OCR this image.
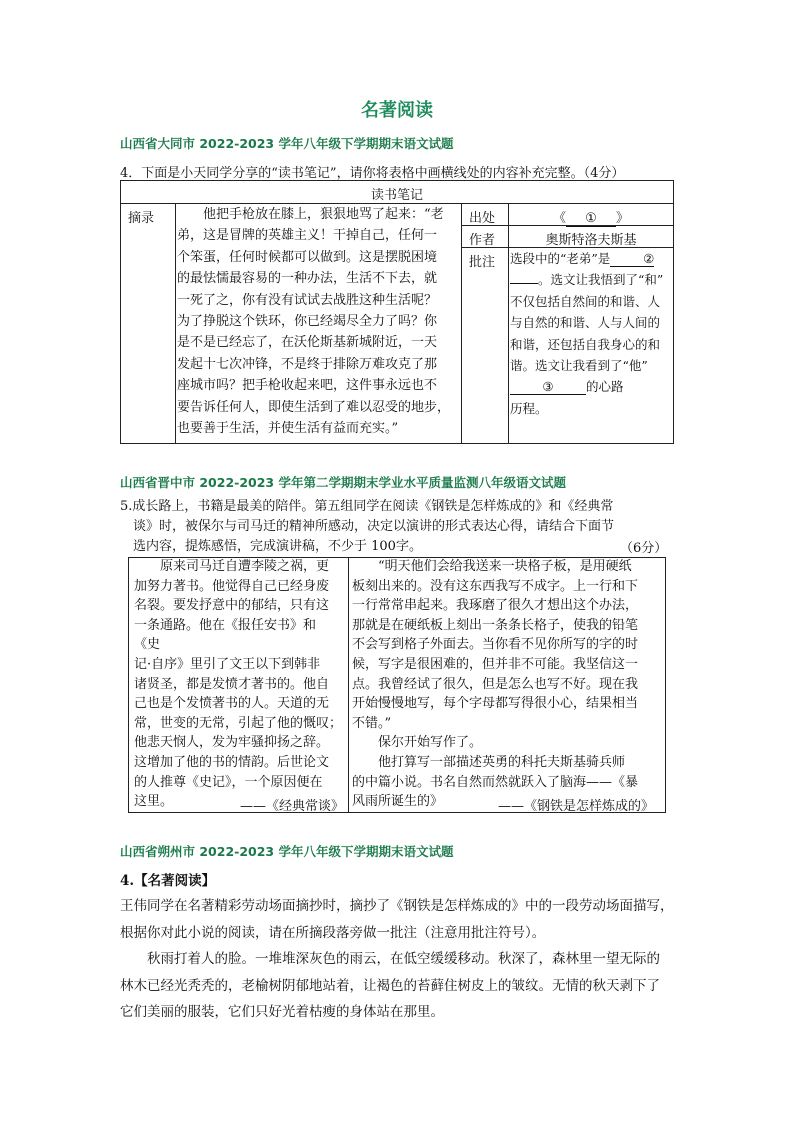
名著阅读
山西省大同市 2022-2023 学年八年级下学期期末语文试题
4．下面是小天同学分享的“读书笔记”，请你将表格中画横线处的内容补充完整。（4分）
读书笔记
摘录 　　他把手枪放在膝上，狠狠地骂了起来：“老
弟，这是冒牌的英雄主义！干掉自己，任何一
个笨蛋，任何时候都可以做到。这是摆脱困境
的最怯懦最容易的一种办法，生活不下去，就
一死了之，你有没有试试去战胜这种生活呢？
为了挣脱这个铁环，你已经竭尽全力了吗？你
是不是已经忘了，在沃伦斯基新城附近，一天
发起十七次冲锋，不是终于排除万难攻克了那
座城市吗？把手枪收起来吧，这件事永远也不
要告诉任何人，即使生活到了难以忍受的地步，
也要善于生活，并使生活有益而充实。”
出处	《 ① 》
作者	奥斯特洛夫斯基
批注 选段中的“老弟”是	②
。选文让我悟到了“和”
不仅包括自然间的和谐、人
与自然的和谐、人与人间的
和谐，还包括自我身心的和
谐。选文让我看到了“他”
③	的心路
历程。
山西省晋中市 2022-2023 学年第二学期期末学业水平质量监测八年级语文试题
5.成长路上，书籍是最美的陪伴。第五组同学在阅读《钢铁是怎样炼成的》和《经典常
　谈》时，被保尔与司马迁的精神所感动，决定以演讲的形式表达心得，请结合下面节
　选内容，提炼感悟，完成演讲稿，不少于 100字。	（6分）
　　原来司马迁自遭李陵之祸，更
加努力著书。他觉得自己已经身废
名裂。要发抒意中的郁结，只有这
一条通路。他在《报任安书》和
《史
记·自序》里引了文王以下到韩非
诸贤圣，都是发愤才著书的。他自
己也是个发愤著书的人。天道的无
常，世变的无常，引起了他的慨叹；
他悲天悯人，发为牢骚抑扬之辞。
这增加了他的书的情韵。后世论文
的人推尊《史记》，一个原因便在
这里。	——《经典常谈》
　　“明天他们会给我送来一块格子板，是用硬纸
板刻出来的。没有这东西我写不成字。上一行和下
一行常常串起来。我琢磨了很久才想出这个办法，
那就是在硬纸板上刻出一条条长格子，使我的铅笔
不会写到格子外面去。当你看不见你所写的字的时
候，写字是很困难的，但并非不可能。我坚信这一
点。我曾经试了很久，但是怎么也写不好。现在我
开始慢慢地写，每个字母都写得很小心，结果相当
不错。”
　　保尔开始写作了。
　　他打算写一部描述英勇的科托夫斯基骑兵师
的中篇小说。书名自然而然就跃入了脑海——《暴
风雨所诞生的》	——《钢铁是怎样炼成的》
山西省朔州市 2022-2023 学年八年级下学期期末语文试题
4.【名著阅读】
王伟同学在名著精彩劳动场面摘抄时，摘抄了《钢铁是怎样炼成的》中的一段劳动场面描写，
根据你对此小说的阅读，请在所摘段落旁做一批注（注意用批注符号）。
　　秋雨打着人的脸。一堆堆深灰色的雨云，在低空缓缓移动。秋深了，森林里一望无际的
林木已经光秃秃的，老榆树阴郁地站着，让褐色的苔藓住树皮上的皱纹。无情的秋天剥下了
它们美丽的服装，它们只好光着枯瘦的身体站在那里。
